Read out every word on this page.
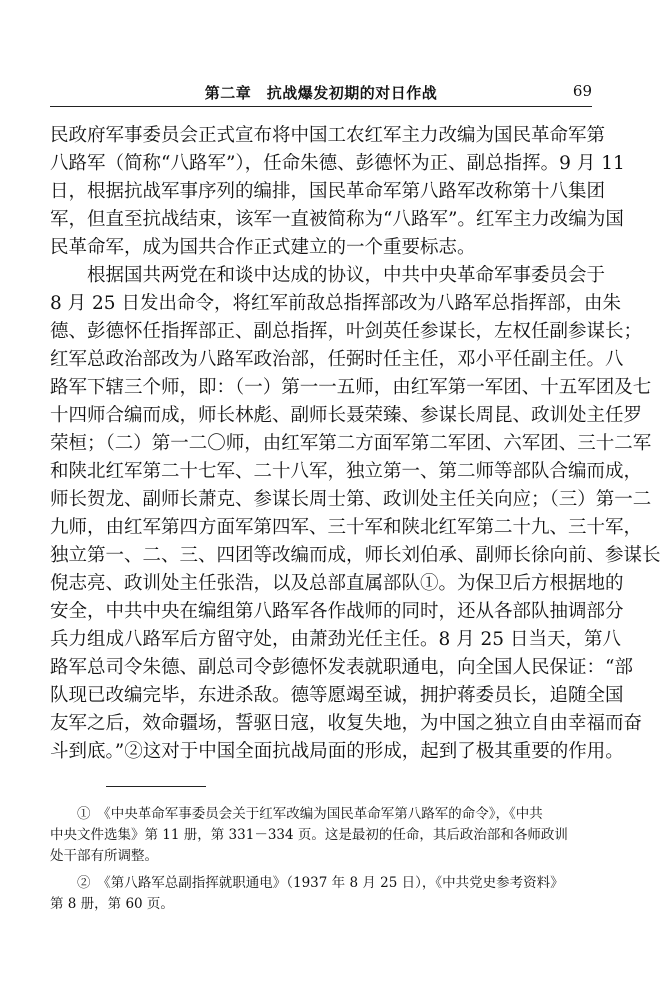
第二章　抗战爆发初期的对日作战	69
民政府军事委员会正式宣布将中国工农红军主力改编为国民革命军第
八路军（简称“八路军”），任命朱德、彭德怀为正、副总指挥。9 月 11
日，根据抗战军事序列的编排，国民革命军第八路军改称第十八集团
军，但直至抗战结束，该军一直被简称为“八路军”。红军主力改编为国
民革命军，成为国共合作正式建立的一个重要标志。
　　根据国共两党在和谈中达成的协议，中共中央革命军事委员会于
8 月 25 日发出命令，将红军前敌总指挥部改为八路军总指挥部，由朱
德、彭德怀任指挥部正、副总指挥，叶剑英任参谋长，左权任副参谋长；
红军总政治部改为八路军政治部，任弼时任主任，邓小平任副主任。八
路军下辖三个师，即：（一）第一一五师，由红军第一军团、十五军团及七
十四师合编而成，师长林彪、副师长聂荣臻、参谋长周昆、政训处主任罗
荣桓；（二）第一二〇师，由红军第二方面军第二军团、六军团、三十二军
和陕北红军第二十七军、二十八军，独立第一、第二师等部队合编而成，
师长贺龙、副师长萧克、参谋长周士第、政训处主任关向应；（三）第一二
九师，由红军第四方面军第四军、三十军和陕北红军第二十九、三十军，
独立第一、二、三、四团等改编而成，师长刘伯承、副师长徐向前、参谋长
倪志亮、政训处主任张浩，以及总部直属部队①。为保卫后方根据地的
安全，中共中央在编组第八路军各作战师的同时，还从各部队抽调部分
兵力组成八路军后方留守处，由萧劲光任主任。8 月 25 日当天，第八
路军总司令朱德、副总司令彭德怀发表就职通电，向全国人民保证：“部
队现已改编完毕，东进杀敌。德等愿竭至诚，拥护蒋委员长，追随全国
友军之后，效命疆场，誓驱日寇，收复失地，为中国之独立自由幸福而奋
斗到底。”②这对于中国全面抗战局面的形成，起到了极其重要的作用。
　　①　《中央革命军事委员会关于红军改编为国民革命军第八路军的命令》，《中共
中央文件选集》第 11 册，第 331－334 页。这是最初的任命，其后政治部和各师政训
处干部有所调整。
　　②　《第八路军总副指挥就职通电》（1937 年 8 月 25 日），《中共党史参考资料》
第 8 册，第 60 页。
